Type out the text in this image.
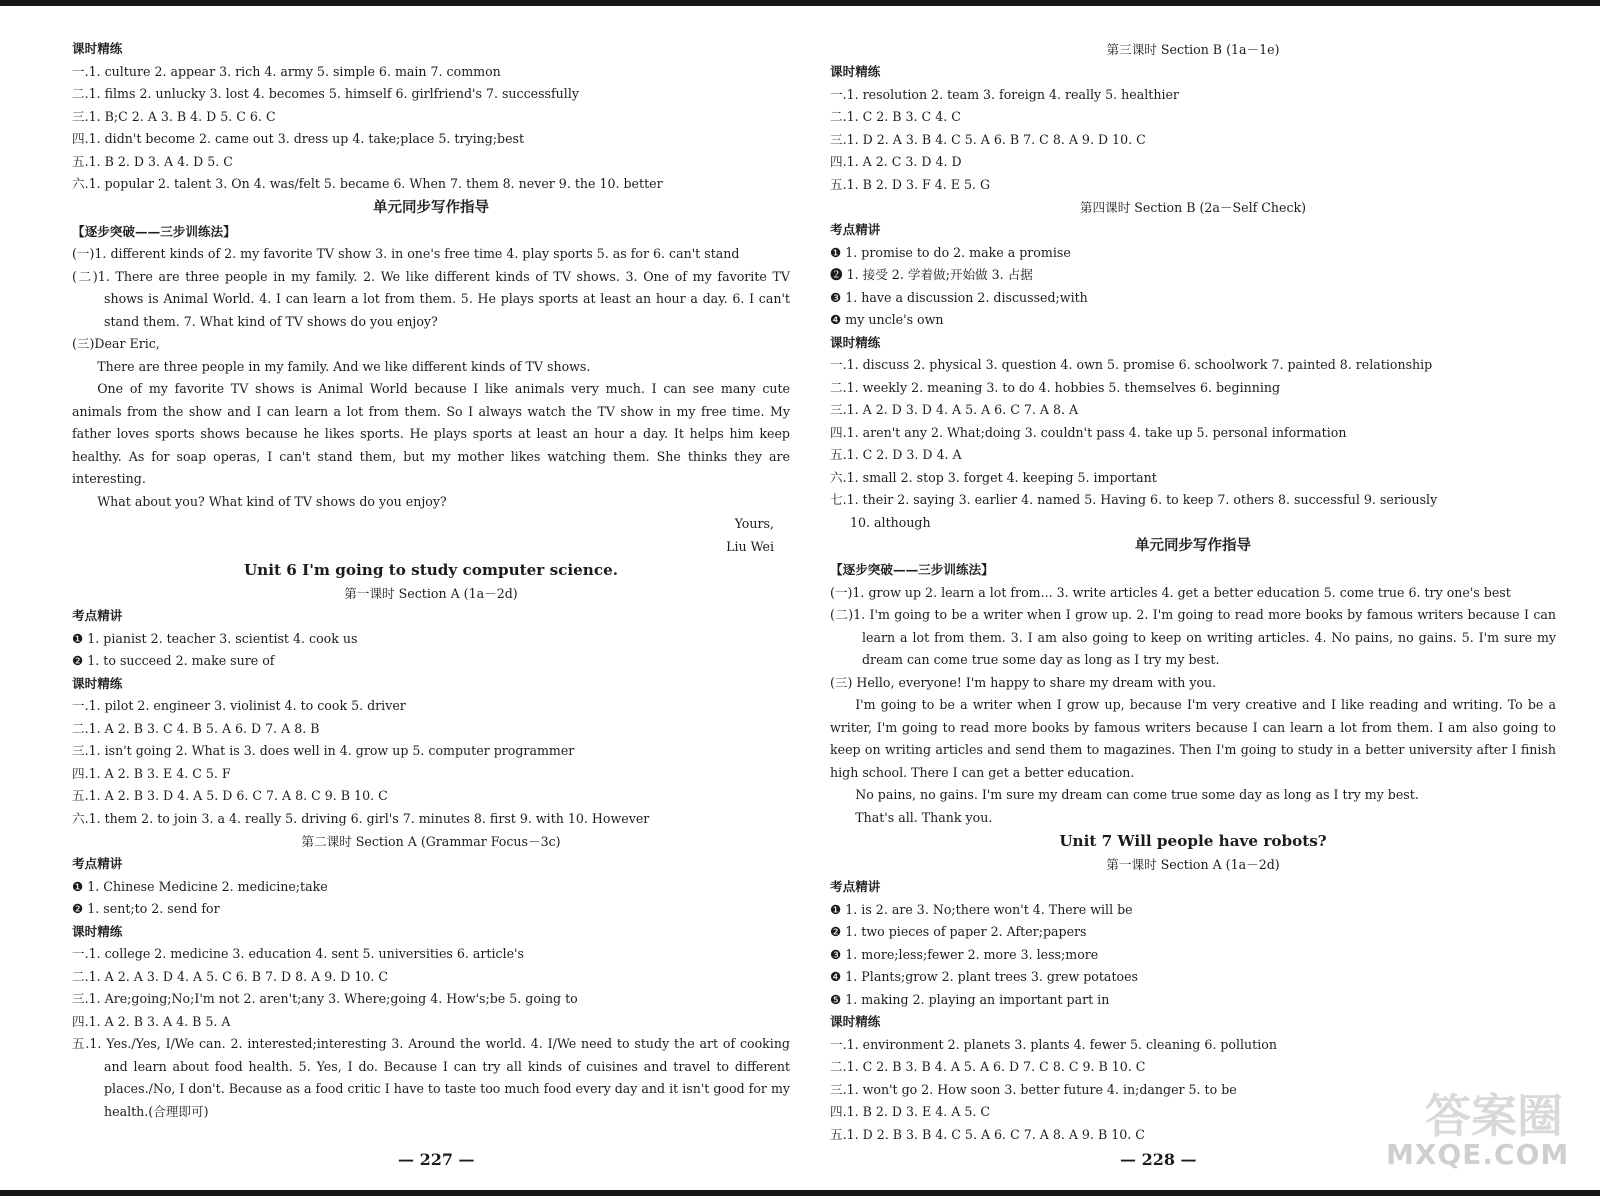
课时精练
一.1. culture 2. appear 3. rich 4. army 5. simple 6. main 7. common
二.1. films 2. unlucky 3. lost 4. becomes 5. himself 6. girlfriend's 7. successfully
三.1. B;C 2. A 3. B 4. D 5. C 6. C
四.1. didn't become 2. came out 3. dress up 4. take;place 5. trying;best
五.1. B 2. D 3. A 4. D 5. C
六.1. popular 2. talent 3. On 4. was/felt 5. became 6. When 7. them 8. never 9. the 10. better
单元同步写作指导
【逐步突破——三步训练法】
(一)1. different kinds of 2. my favorite TV show 3. in one's free time 4. play sports 5. as for 6. can't stand
(二)1. There are three people in my family. 2. We like different kinds of TV shows. 3. One of my favorite TV shows is Animal World. 4. I can learn a lot from them. 5. He plays sports at least an hour a day. 6. I can't stand them. 7. What kind of TV shows do you enjoy?
(三)Dear Eric,
There are three people in my family. And we like different kinds of TV shows.
One of my favorite TV shows is Animal World because I like animals very much. I can see many cute animals from the show and I can learn a lot from them. So I always watch the TV show in my free time. My father loves sports shows because he likes sports. He plays sports at least an hour a day. It helps him keep healthy. As for soap operas, I can't stand them, but my mother likes watching them. She thinks they are interesting.
What about you? What kind of TV shows do you enjoy?
Yours,
Liu Wei
Unit 6 I'm going to study computer science.
第一课时 Section A (1a－2d)
考点精讲
❶ 1. pianist 2. teacher 3. scientist 4. cook us
❷ 1. to succeed 2. make sure of
课时精练
一.1. pilot 2. engineer 3. violinist 4. to cook 5. driver
二.1. A 2. B 3. C 4. B 5. A 6. D 7. A 8. B
三.1. isn't going 2. What is 3. does well in 4. grow up 5. computer programmer
四.1. A 2. B 3. E 4. C 5. F
五.1. A 2. B 3. D 4. A 5. D 6. C 7. A 8. C 9. B 10. C
六.1. them 2. to join 3. a 4. really 5. driving 6. girl's 7. minutes 8. first 9. with 10. However
第二课时 Section A (Grammar Focus－3c)
考点精讲
❶ 1. Chinese Medicine 2. medicine;take
❷ 1. sent;to 2. send for
课时精练
一.1. college 2. medicine 3. education 4. sent 5. universities 6. article's
二.1. A 2. A 3. D 4. A 5. C 6. B 7. D 8. A 9. D 10. C
三.1. Are;going;No;I'm not 2. aren't;any 3. Where;going 4. How's;be 5. going to
四.1. A 2. B 3. A 4. B 5. A
五.1. Yes./Yes, I/We can. 2. interested;interesting 3. Around the world. 4. I/We need to study the art of cooking and learn about food health. 5. Yes, I do. Because I can try all kinds of cuisines and travel to different places./No, I don't. Because as a food critic I have to taste too much food every day and it isn't good for my health.(合理即可)
第三课时 Section B (1a－1e)
课时精练
一.1. resolution 2. team 3. foreign 4. really 5. healthier
二.1. C 2. B 3. C 4. C
三.1. D 2. A 3. B 4. C 5. A 6. B 7. C 8. A 9. D 10. C
四.1. A 2. C 3. D 4. D
五.1. B 2. D 3. F 4. E 5. G
第四课时 Section B (2a－Self Check)
考点精讲
❶ 1. promise to do 2. make a promise
❷ 1. 接受 2. 学着做;开始做 3. 占据
❸ 1. have a discussion 2. discussed;with
❹ my uncle's own
课时精练
一.1. discuss 2. physical 3. question 4. own 5. promise 6. schoolwork 7. painted 8. relationship
二.1. weekly 2. meaning 3. to do 4. hobbies 5. themselves 6. beginning
三.1. A 2. D 3. D 4. A 5. A 6. C 7. A 8. A
四.1. aren't any 2. What;doing 3. couldn't pass 4. take up 5. personal information
五.1. C 2. D 3. D 4. A
六.1. small 2. stop 3. forget 4. keeping 5. important
七.1. their 2. saying 3. earlier 4. named 5. Having 6. to keep 7. others 8. successful 9. seriously
10. although
单元同步写作指导
【逐步突破——三步训练法】
(一)1. grow up 2. learn a lot from... 3. write articles 4. get a better education 5. come true 6. try one's best
(二)1. I'm going to be a writer when I grow up. 2. I'm going to read more books by famous writers because I can learn a lot from them. 3. I am also going to keep on writing articles. 4. No pains, no gains. 5. I'm sure my dream can come true some day as long as I try my best.
(三) Hello, everyone! I'm happy to share my dream with you.
I'm going to be a writer when I grow up, because I'm very creative and I like reading and writing. To be a writer, I'm going to read more books by famous writers because I can learn a lot from them. I am also going to keep on writing articles and send them to magazines. Then I'm going to study in a better university after I finish high school. There I can get a better education.
No pains, no gains. I'm sure my dream can come true some day as long as I try my best.
That's all. Thank you.
Unit 7 Will people have robots?
第一课时 Section A (1a－2d)
考点精讲
❶ 1. is 2. are 3. No;there won't 4. There will be
❷ 1. two pieces of paper 2. After;papers
❸ 1. more;less;fewer 2. more 3. less;more
❹ 1. Plants;grow 2. plant trees 3. grew potatoes
❺ 1. making 2. playing an important part in
课时精练
一.1. environment 2. planets 3. plants 4. fewer 5. cleaning 6. pollution
二.1. C 2. B 3. B 4. A 5. A 6. D 7. C 8. C 9. B 10. C
三.1. won't go 2. How soon 3. better future 4. in;danger 5. to be
四.1. B 2. D 3. E 4. A 5. C
五.1. D 2. B 3. B 4. C 5. A 6. C 7. A 8. A 9. B 10. C
— 227 —	— 228 —
答案圈
MXQE.COM
